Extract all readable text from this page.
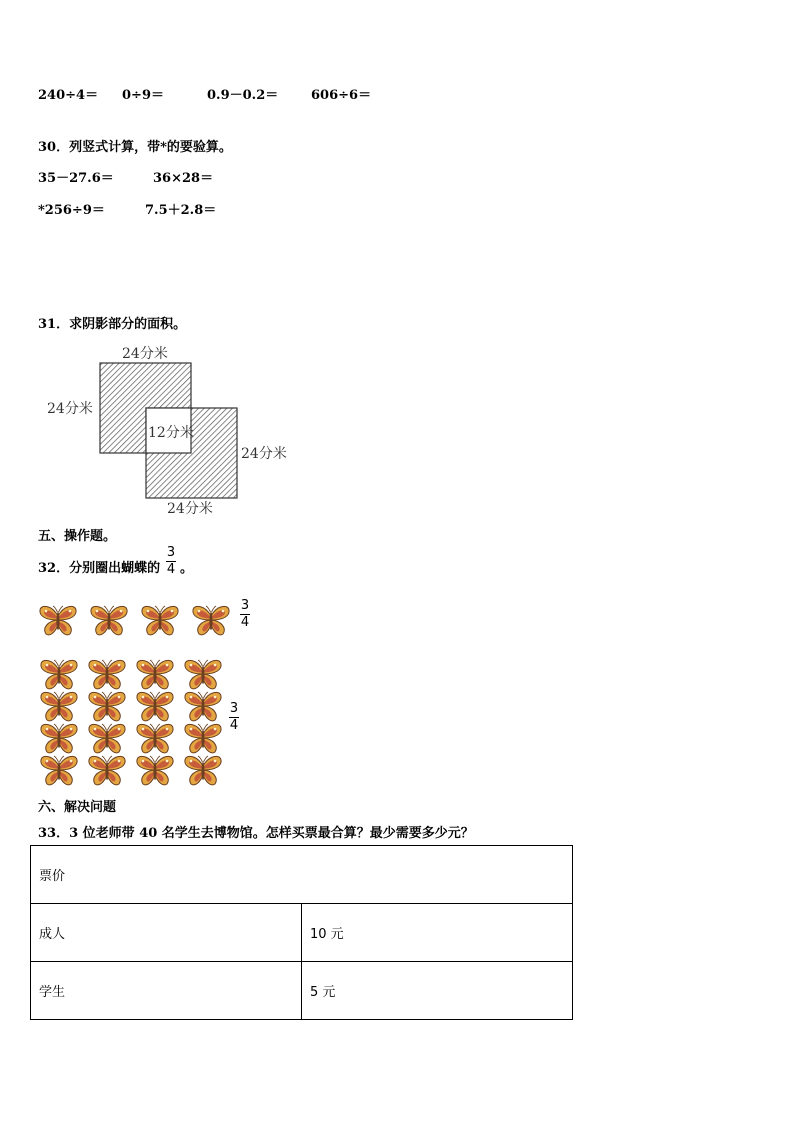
240÷4＝ 0÷9＝	0.9－0.2＝	606÷6＝
30．列竖式计算，带*的要验算。
35－27.6＝	36×28＝
*256÷9＝	7.5＋2.8＝
31．求阴影部分的面积。
24分米
24分米
12分米
24分米
24分米
五、操作题。
32．分别圈出蝴蝶的
3
4 。
3
4
3
4
六、解决问题
33．3 位老师带 40 名学生去博物馆。怎样买票最合算？最少需要多少元？
票价	
成人	10 元
学生	5 元
